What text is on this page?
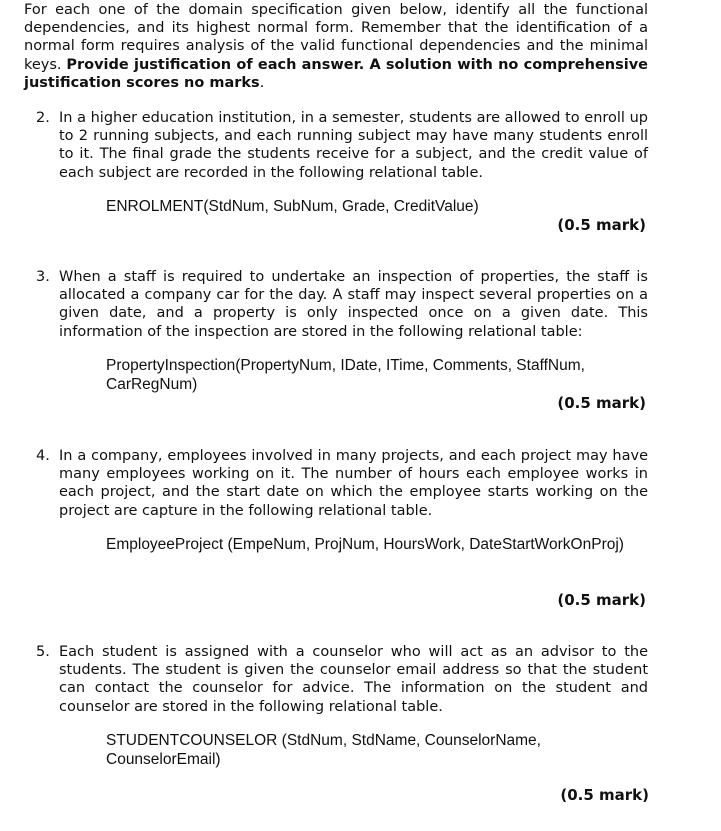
For each one of the domain specification given below, identify all the functional dependencies, and its highest normal form. Remember that the identification of a normal form requires analysis of the valid functional dependencies and the minimal keys. Provide justification of each answer. A solution with no comprehensive justification scores no marks.
2. In a higher education institution, in a semester, students are allowed to enroll up to 2 running subjects, and each running subject may have many students enroll to it. The final grade the students receive for a subject, and the credit value of each subject are recorded in the following relational table.
ENROLMENT(StdNum, SubNum, Grade, CreditValue)
(0.5 mark)
3. When a staff is required to undertake an inspection of properties, the staff is allocated a company car for the day. A staff may inspect several properties on a given date, and a property is only inspected once on a given date. This information of the inspection are stored in the following relational table:
PropertyInspection(PropertyNum, IDate, ITime, Comments, StaffNum, CarRegNum)
(0.5 mark)
4. In a company, employees involved in many projects, and each project may have many employees working on it. The number of hours each employee works in each project, and the start date on which the employee starts working on the project are capture in the following relational table.
EmployeeProject (EmpeNum, ProjNum, HoursWork, DateStartWorkOnProj)
(0.5 mark)
5. Each student is assigned with a counselor who will act as an advisor to the students. The student is given the counselor email address so that the student can contact the counselor for advice. The information on the student and counselor are stored in the following relational table.
STUDENTCOUNSELOR (StdNum, StdName, CounselorName, CounselorEmail)
(0.5 mark)
